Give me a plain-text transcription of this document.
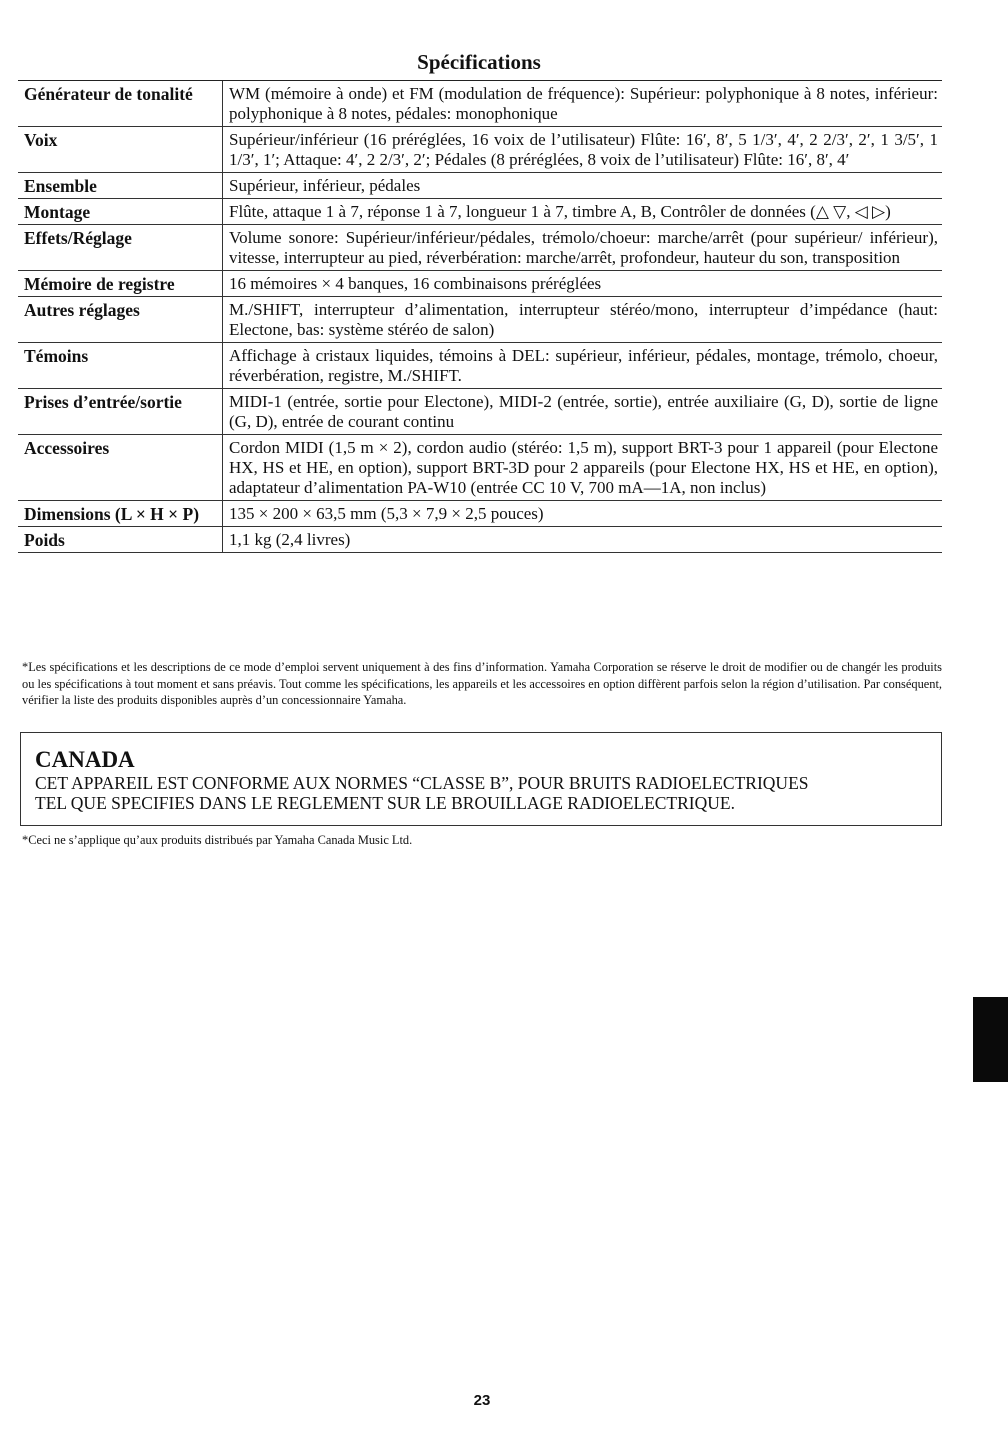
Spécifications
Générateur de tonalité	WM (mémoire à onde) et FM (modulation de fréquence): Supérieur: polyphonique à 8 notes, inférieur: polyphonique à 8 notes, pédales: monophonique
Voix	Supérieur/inférieur (16 préréglées, 16 voix de l’utilisateur) Flûte: 16′, 8′, 5 1/3′, 4′, 2 2/3′, 2′, 1 3/5′, 1 1/3′, 1′; Attaque: 4′, 2 2/3′, 2′; Pédales (8 préréglées, 8 voix de l’utilisateur) Flûte: 16′, 8′, 4′
Ensemble	Supérieur, inférieur, pédales
Montage	Flûte, attaque 1 à 7, réponse 1 à 7, longueur 1 à 7, timbre A, B, Contrôler de données (△ ▽, ◁ ▷)
Effets/Réglage	Volume sonore: Supérieur/inférieur/pédales, trémolo/choeur: marche/arrêt (pour supérieur/ inférieur), vitesse, interrupteur au pied, réverbération: marche/arrêt, profondeur, hauteur du son, transposition
Mémoire de registre	16 mémoires × 4 banques, 16 combinaisons préréglées
Autres réglages	M./SHIFT, interrupteur d’alimentation, interrupteur stéréo/mono, interrupteur d’impédance (haut: Electone, bas: système stéréo de salon)
Témoins	Affichage à cristaux liquides, témoins à DEL: supérieur, inférieur, pédales, montage, trémolo, choeur, réverbération, registre, M./SHIFT.
Prises d’entrée/sortie	MIDI-1 (entrée, sortie pour Electone), MIDI-2 (entrée, sortie), entrée auxiliaire (G, D), sortie de ligne (G, D), entrée de courant continu
Accessoires	Cordon MIDI (1,5 m × 2), cordon audio (stéréo: 1,5 m), support BRT-3 pour 1 appareil (pour Electone HX, HS et HE, en option), support BRT-3D pour 2 appareils (pour Electone HX, HS et HE, en option), adaptateur d’alimentation PA-W10 (entrée CC 10 V, 700 mA—1A, non inclus)
Dimensions (L × H × P)	135 × 200 × 63,5 mm (5,3 × 7,9 × 2,5 pouces)
Poids	1,1 kg (2,4 livres)
*Les spécifications et les descriptions de ce mode d’emploi servent uniquement à des fins d’information. Yamaha Corporation se réserve le droit de modifier ou de changér les produits ou les spécifications à tout moment et sans préavis. Tout comme les spécifications, les appareils et les accessoires en option diffèrent parfois selon la région d’utilisation. Par conséquent, vérifier la liste des produits disponibles auprès d’un concessionnaire Yamaha.
CANADA
CET APPAREIL EST CONFORME AUX NORMES “CLASSE B”, POUR BRUITS RADIOELECTRIQUES
TEL QUE SPECIFIES DANS LE REGLEMENT SUR LE BROUILLAGE RADIOELECTRIQUE.
*Ceci ne s’applique qu’aux produits distribués par Yamaha Canada Music Ltd.
23
